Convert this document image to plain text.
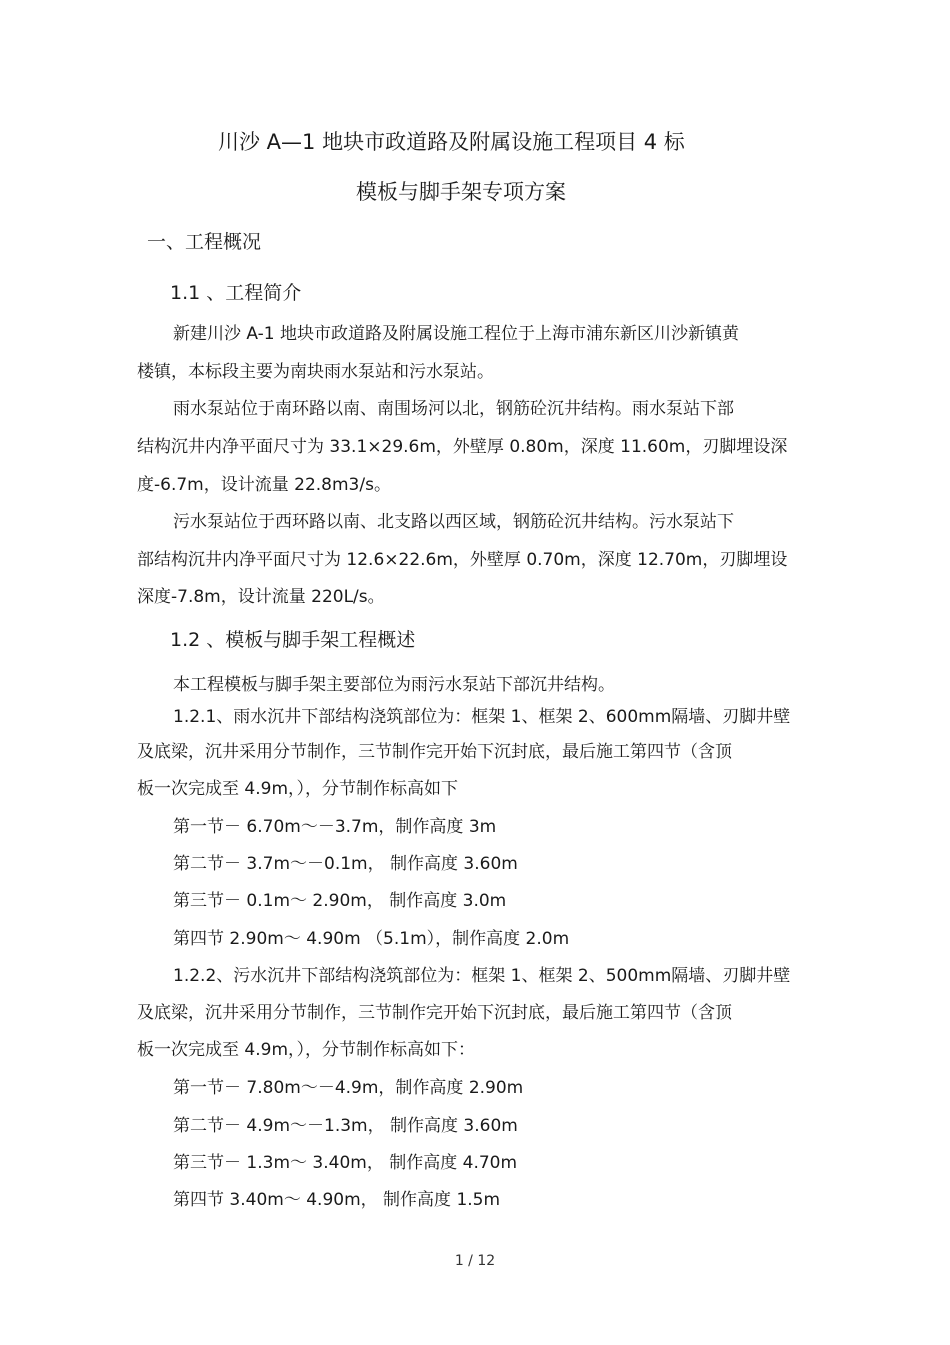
川沙 A—1 地块市政道路及附属设施工程项目 4 标
模板与脚手架专项方案
一、工程概况
1.1 、工程简介
新建川沙 A-1 地块市政道路及附属设施工程位于上海市浦东新区川沙新镇黄
楼镇，本标段主要为南块雨水泵站和污水泵站。
雨水泵站位于南环路以南、南围场河以北，钢筋砼沉井结构。雨水泵站下部
结构沉井内净平面尺寸为 33.1×29.6m，外壁厚 0.80m，深度 11.60m，刃脚埋设深
度-6.7m，设计流量 22.8m3/s。
污水泵站位于西环路以南、北支路以西区域，钢筋砼沉井结构。污水泵站下
部结构沉井内净平面尺寸为 12.6×22.6m，外壁厚 0.70m，深度 12.70m，刃脚埋设
深度-7.8m，设计流量 220L/s。
1.2 、模板与脚手架工程概述
本工程模板与脚手架主要部位为雨污水泵站下部沉井结构。
1.2.1、雨水沉井下部结构浇筑部位为：框架 1、框架 2、600mm隔墙、刃脚井壁
及底梁，沉井采用分节制作，三节制作完开始下沉封底，最后施工第四节（含顶
板一次完成至 4.9m，），分节制作标高如下
第一节－ 6.70m～－3.7m，制作高度 3m
第二节－ 3.7m～－0.1m， 制作高度 3.60m
第三节－ 0.1m～ 2.90m， 制作高度 3.0m
第四节 2.90m～ 4.90m （5.1m），制作高度 2.0m
1.2.2、污水沉井下部结构浇筑部位为：框架 1、框架 2、500mm隔墙、刃脚井壁
及底梁，沉井采用分节制作，三节制作完开始下沉封底，最后施工第四节（含顶
板一次完成至 4.9m，），分节制作标高如下：
第一节－ 7.80m～－4.9m，制作高度 2.90m
第二节－ 4.9m～－1.3m， 制作高度 3.60m
第三节－ 1.3m～ 3.40m， 制作高度 4.70m
第四节 3.40m～ 4.90m， 制作高度 1.5m
1 / 12
